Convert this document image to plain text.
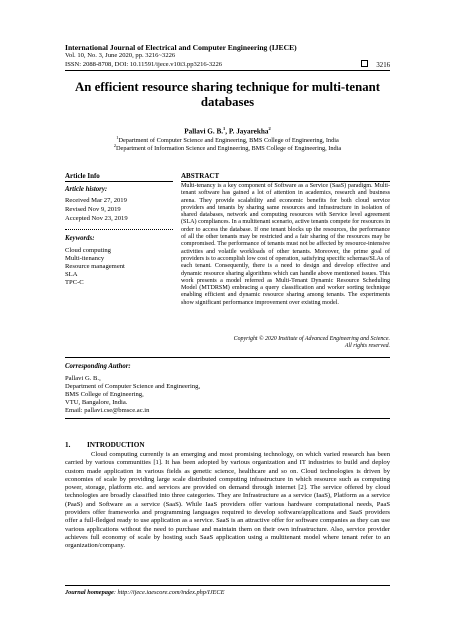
International Journal of Electrical and Computer Engineering (IJECE)
Vol. 10, No. 3, June 2020, pp. 3216~3226
ISSN: 2088-8708, DOI: 10.11591/ijece.v10i3.pp3216-3226	3216
An efficient resource sharing technique for multi-tenant databases
Pallavi G. B.$^1$, P. Jayarekha$^2$
$^1$Department of Computer Science and Engineering, BMS College of Engineering, India
$^2$Department of Information Science and Engineering, BMS College of Engineering, India
Article Info
Article history:
Received Mar 27, 2019
Revised Nov 9, 2019
Accepted Nov 23, 2019
Keywords:
Cloud computing
Multi-itenancy
Resource management
SLA
TPC-C
ABSTRACT
Multi-tenancy is a key component of Software as a Service (SaaS) paradigm. Multi-tenant software has gained a lot of attention in academics, research and business arena. They provide scalability and economic benefits for both cloud service providers and tenants by sharing same resources and infrastructure in isolation of shared databases, network and computing resources with Service level agreement (SLA) compliances. In a multitenant scenario, active tenants compete for resources in order to access the database. If one tenant blocks up the resources, the performance of all the other tenants may be restricted and a fair sharing of the resources may be compromised. The performance of tenants must not be affected by resource-intensive activities and volatile workloads of other tenants. Moreover, the prime goal of providers is to accomplish low cost of operation, satisfying specific schemas/SLAs of each tenant. Consequently, there is a need to design and develop effective and dynamic resource sharing algorithms which can handle above mentioned issues. This work presents a model referred as Multi-Tenant Dynamic Resource Scheduling Model (MTDRSM) embracing a query classification and worker sorting technique enabling efficient and dynamic resource sharing among tenants. The experiments show significant performance improvement over existing model.
Copyright © 2020 Institute of Advanced Engineering and Science.
All rights reserved.
Corresponding Author:
Pallavi G. B.,
Department of Computer Science and Engineering,
BMS College of Engineering,
VTU, Bangalore, India.
Email: pallavi.cse@bmsce.ac.in
1. INTRODUCTION
Cloud computing currently is an emerging and most promising technology, on which varied research has been carried by various communities [1]. It has been adopted by various organization and IT industries to build and deploy custom made application in various fields as genetic science, healthcare and so on. Cloud technologies is driven by economies of scale by providing large scale distributed computing infrastructure in which resource such as computing power, storage, platform etc. and services are provided on demand through internet [2]. The service offered by cloud technologies are broadly classified into three categories. They are Infrastructure as a service (IaaS), Platform as a service (PaaS) and Software as a service (SaaS). While IaaS providers offer various hardware computational needs, PaaS providers offer frameworks and programming languages required to develop software/applications and SaaS providers offer a full-fledged ready to use application as a service. SaaS is an attractive offer for software companies as they can use various applications without the need to purchase and maintain them on their own infrastructure. Also, service provider achieves full economy of scale by hosting such SaaS application using a multitenant model where tenant refer to an organization/company.
Journal homepage: http://ijece.iaescore.com/index.php/IJECE
